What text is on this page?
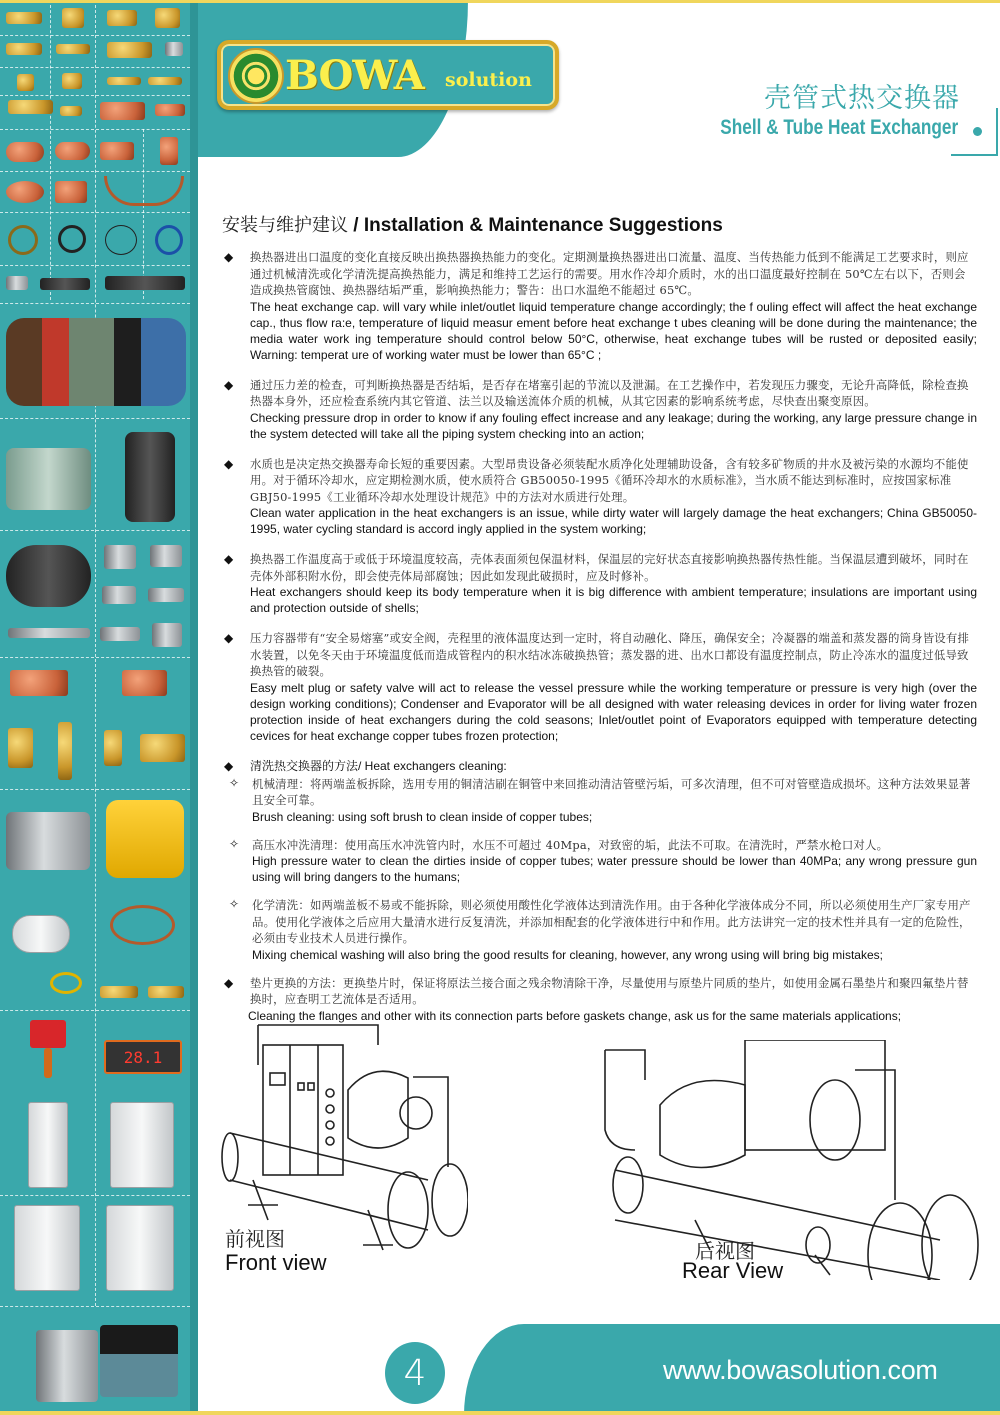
28.1
BOWA solution
壳管式热交换器
Shell & Tube Heat Exchanger
安装与维护建议 / Installation & Maintenance Suggestions
◆ 换热器进出口温度的变化直接反映出换热器换热能力的变化。定期测量换热器进出口流量、温度、当传热能力低到不能满足工艺要求时，则应通过机械清洗或化学清洗提高换热能力，满足和维持工艺运行的需要。用水作冷却介质时，水的出口温度最好控制在 50℃左右以下，否则会造成换热管腐蚀、换热器结垢严重，影响换热能力；警告：出口水温绝不能超过 65℃。

The heat exchange cap. will vary while inlet/outlet liquid temperature change accordingly; the f ouling effect will affect the heat exchange cap., thus flow ra:e, temperature of liquid measur ement before heat exchange t ubes cleaning will be done during the maintenance; the media water work ing temperature should control below 50°C, otherwise, heat exchange tubes will be rusted or deposited easily; Warning: temperat ure of working water must be lower than 65°C ;

◆ 通过压力差的检查，可判断换热器是否结垢，是否存在堵塞引起的节流以及泄漏。在工艺操作中，若发现压力骤变，无论升高降低，除检查换热器本身外，还应检查系统内其它管道、法兰以及输送流体介质的机械，从其它因素的影响系统考虑，尽快查出聚变原因。

Checking pressure drop in order to know if any fouling effect increase and any leakage; during the working, any large pressure change in the system detected will take all the piping system checking into an action;

◆ 水质也是决定热交换器寿命长短的重要因素。大型昂贵设备必须装配水质净化处理辅助设备，含有较多矿物质的井水及被污染的水源均不能使用。对于循环冷却水，应定期检测水质，使水质符合 GB50050-1995《循环冷却水的水质标准》，当水质不能达到标准时，应按国家标准 GBJ50-1995《工业循环冷却水处理设计规范》中的方法对水质进行处理。

Clean water application in the heat exchangers is an issue, while dirty water will largely damage the heat exchangers; China GB50050-1995, water cycling standard is accord ingly applied in the system working;

◆ 换热器工作温度高于或低于环境温度较高，壳体表面须包保温材料，保温层的完好状态直接影响换热器传热性能。当保温层遭到破坏，同时在壳体外部积附水份，即会使壳体局部腐蚀；因此如发现此破损时，应及时修补。

Heat exchangers should keep its body temperature when it is big difference with ambient temperature; insulations are important using and protection outside of shells;

◆ 压力容器带有“安全易熔塞”或安全阀，壳程里的液体温度达到一定时，将自动融化、降压，确保安全；冷凝器的端盖和蒸发器的筒身皆设有排水装置，以免冬天由于环境温度低而造成管程内的积水结冰冻破换热管；蒸发器的进、出水口都设有温度控制点，防止冷冻水的温度过低导致换热管的破裂。

Easy melt plug or safety valve will act to release the vessel pressure while the working temperature or pressure is very high (over the design working conditions); Condenser and Evaporator will be all designed with water releasing devices in order for living water frozen protection inside of heat exchangers during the cold seasons; Inlet/outlet point of Evaporators equipped with temperature detecting cevices for heat exchange copper tubes frozen protection;

◆ 清洗热交换器的方法/ Heat exchangers cleaning:

✧ 机械清理：将两端盖板拆除，选用专用的铜清洁刷在铜管中来回推动清洁管壁污垢，可多次清理，但不可对管壁造成损坏。这种方法效果显著且安全可靠。

Brush cleaning: using soft brush to clean inside of copper tubes;

✧ 高压水冲洗清理：使用高压水冲洗管内时，水压不可超过 40Mpa，对致密的垢，此法不可取。在清洗时，严禁水枪口对人。

High pressure water to clean the dirties inside of copper tubes; water pressure should be lower than 40MPa; any wrong pressure gun using will bring dangers to the humans;

✧ 化学清洗：如两端盖板不易或不能拆除，则必须使用酸性化学液体达到清洗作用。由于各种化学液体成分不同，所以必须使用生产厂家专用产品。使用化学液体之后应用大量清水进行反复清洗，并添加相配套的化学液体进行中和作用。此方法讲究一定的技术性并具有一定的危险性，必须由专业技术人员进行操作。

Mixing chemical washing will also bring the good results for cleaning, however, any wrong using will bring big mistakes;

◆ 垫片更换的方法：更换垫片时，保证将原法兰接合面之残余物清除干净，尽量使用与原垫片同质的垫片，如使用金属石墨垫片和聚四氟垫片替换时，应查明工艺流体是否适用。

Cleaning the flanges and other with its connection parts before gaskets change, ask us for the same materials applications;

前视图
Front view	后视图
Rear View
4	www.bowasolution.com
